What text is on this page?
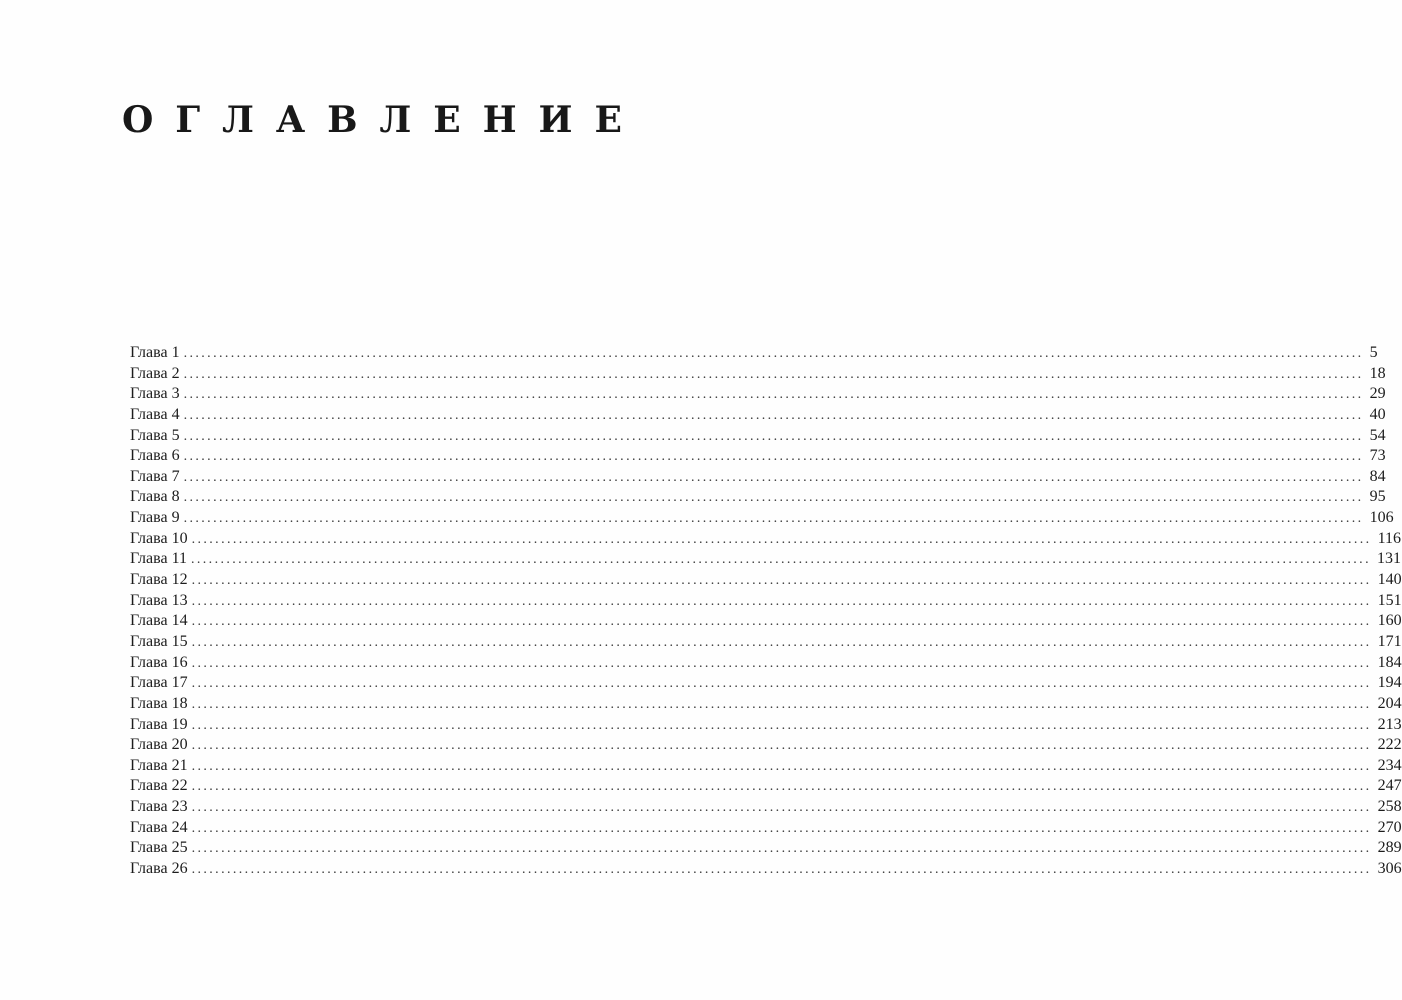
О Г Л А В Л Е Н И Е
Глава 1 ........................................................................................................................................................................................................ 5
Глава 2 ........................................................................................................................................................................................................ 18
Глава 3 ........................................................................................................................................................................................................ 29
Глава 4 ........................................................................................................................................................................................................ 40
Глава 5 ........................................................................................................................................................................................................ 54
Глава 6 ........................................................................................................................................................................................................ 73
Глава 7 ........................................................................................................................................................................................................ 84
Глава 8 ........................................................................................................................................................................................................ 95
Глава 9 ........................................................................................................................................................................................................ 106
Глава 10 ........................................................................................................................................................................................................ 116
Глава 11 ........................................................................................................................................................................................................ 131
Глава 12 ........................................................................................................................................................................................................ 140
Глава 13 ........................................................................................................................................................................................................ 151
Глава 14 ........................................................................................................................................................................................................ 160
Глава 15 ........................................................................................................................................................................................................ 171
Глава 16 ........................................................................................................................................................................................................ 184
Глава 17 ........................................................................................................................................................................................................ 194
Глава 18 ........................................................................................................................................................................................................ 204
Глава 19 ........................................................................................................................................................................................................ 213
Глава 20 ........................................................................................................................................................................................................ 222
Глава 21 ........................................................................................................................................................................................................ 234
Глава 22 ........................................................................................................................................................................................................ 247
Глава 23 ........................................................................................................................................................................................................ 258
Глава 24 ........................................................................................................................................................................................................ 270
Глава 25 ........................................................................................................................................................................................................ 289
Глава 26 ........................................................................................................................................................................................................ 306
